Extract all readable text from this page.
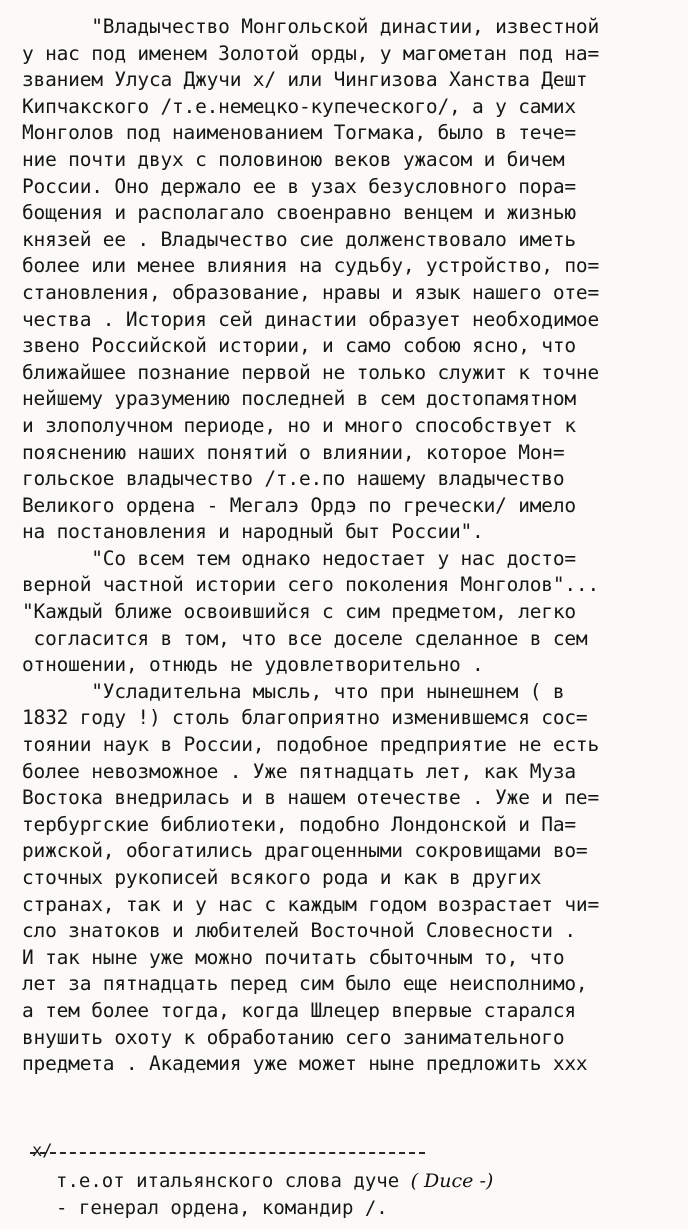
"Владычество Монгольской династии, известной
у нас под именем Золотой орды, у магометан под на=
званием Улуса Джучи х/ или Чингизова Ханства Дешт
Кипчакского /т.е.немецко-купеческого/, а у самих
Монголов под наименованием Тогмака, было в тече=
ние почти двух с половиною веков ужасом и бичем
России. Оно держало ее в узах безусловного пора=
бощения и располагало своенравно венцем и жизнью
князей ее . Владычество сие долженствовало иметь
более или менее влияния на судьбу, устройство, по=
становления, образование, нравы и язык нашего оте=
чества . История сей династии образует необходимое
звено Российской истории, и само собою ясно, что
ближайшее познание первой не только служит к точне
нейшему уразумению последней в сем достопамятном
и злополучном периоде, но и много способствует к
пояснению наших понятий о влиянии, которое Мон=
гольское владычество /т.е.по нашему владычество
Великого ордена - Мегалэ Ордэ по гречески/ имело
на постановления и народный быт России".
"Со всем тем однако недостает у нас досто=
верной частной истории сего поколения Монголов"...
"Каждый ближе освоившийся с сим предметом, легко
согласится в том, что все доселе сделанное в сем
отношении, отнюдь не удовлетворительно .
"Усладительна мысль, что при нынешнем ( в
1832 году !) столь благоприятно изменившемся сос=
тоянии наук в России, подобное предприятие не есть
более невозможное . Уже пятнадцать лет, как Муза
Востока внедрилась и в нашем отечестве . Уже и пе=
тербургские библиотеки, подобно Лондонской и Па=
рижской, обогатились драгоценными сокровищами во=
сточных рукописей всякого рода и как в других
странах, так и у нас с каждым годом возрастает чи=
сло знатоков и любителей Восточной Словесности .
И так ныне уже можно почитать сбыточным то, что
лет за пятнадцать перед сим было еще неисполнимо,
а тем более тогда, когда Шлецер впервые старался
внушить охоту к обработанию сего занимательного
предмета . Академия уже может ныне предложить ххх
х/
т.е.от итальянского слова дуче ( Duce -)
- генерал ордена, командир /.
